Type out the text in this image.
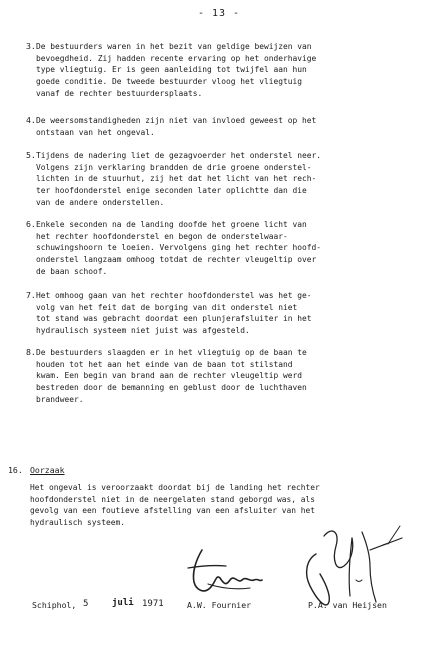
- 13 -
3. De bestuurders waren in het bezit van geldige bewijzen van
bevoegdheid. Zij hadden recente ervaring op het onderhavige
type vliegtuig. Er is geen aanleiding tot twijfel aan hun
goede conditie. De tweede bestuurder vloog het vliegtuig
vanaf de rechter bestuurdersplaats.
4. De weersomstandigheden zijn niet van invloed geweest op het
ontstaan van het ongeval.
5. Tijdens de nadering liet de gezagvoerder het onderstel neer.
Volgens zijn verklaring brandden de drie groene onderstel-
lichten in de stuurhut, zij het dat het licht van het rech-
ter hoofdonderstel enige seconden later oplichtte dan die
van de andere onderstellen.
6. Enkele seconden na de landing doofde het groene licht van
het rechter hoofdonderstel en begon de onderstelwaar-
schuwingshoorn te loeien. Vervolgens ging het rechter hoofd-
onderstel langzaam omhoog totdat de rechter vleugeltip over
de baan schoof.
7. Het omhoog gaan van het rechter hoofdonderstel was het ge-
volg van het feit dat de borging van dit onderstel niet
tot stand was gebracht doordat een plunjerafsluiter in het
hydraulisch systeem niet juist was afgesteld.
8. De bestuurders slaagden er in het vliegtuig op de baan te
houden tot het aan het einde van de baan tot stilstand
kwam. Een begin van brand aan de rechter vleugeltip werd
bestreden door de bemanning en geblust door de luchthaven
brandweer.
16. Oorzaak
Het ongeval is veroorzaakt doordat bij de landing het rechter
hoofdonderstel niet in de neergelaten stand geborgd was, als
gevolg van een foutieve afstelling van een afsluiter van het
hydraulisch systeem.
Schiphol, 5	juli 1971	A.W. Fournier	P.A. van Heijsen
